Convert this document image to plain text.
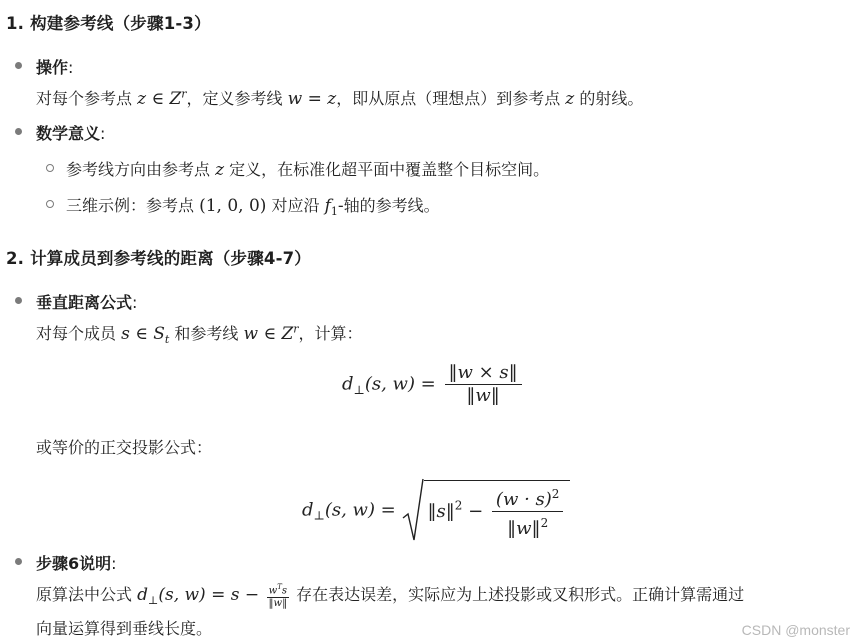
1. 构建参考线（步骤1-3）
操作:
对每个参考点 z ∈ $Z^r$，定义参考线 w = z，即从原点（理想点）到参考点 z 的射线。
数学意义:
参考线方向由参考点 z 定义，在标准化超平面中覆盖整个目标空间。
三维示例：参考点 (1, 0, 0) 对应沿 $f_1-$轴的参考线。
2. 计算成员到参考线的距离（步骤4-7）
垂直距离公式:
对每个成员 s ∈ $S_t$ 和参考线 w ∈ $Z^r$，计算：
$d_\perp(s$, $w) = \frac{‖w \times s‖}{‖w‖}$
或等价的正交投影公式：
$d_\perp(s$, w) = ‖s‖$^2$ − $\frac{(w \cdot s)^2}{‖w‖^2}$
步骤6说明:
原算法中公式 $d_\perp(s$, $w) = s - \frac{w^Ts}{‖w‖}$ 存在表达误差，实际应为上述投影或叉积形式。正确计算需通过
向量运算得到垂线长度。	CSDN @monster
